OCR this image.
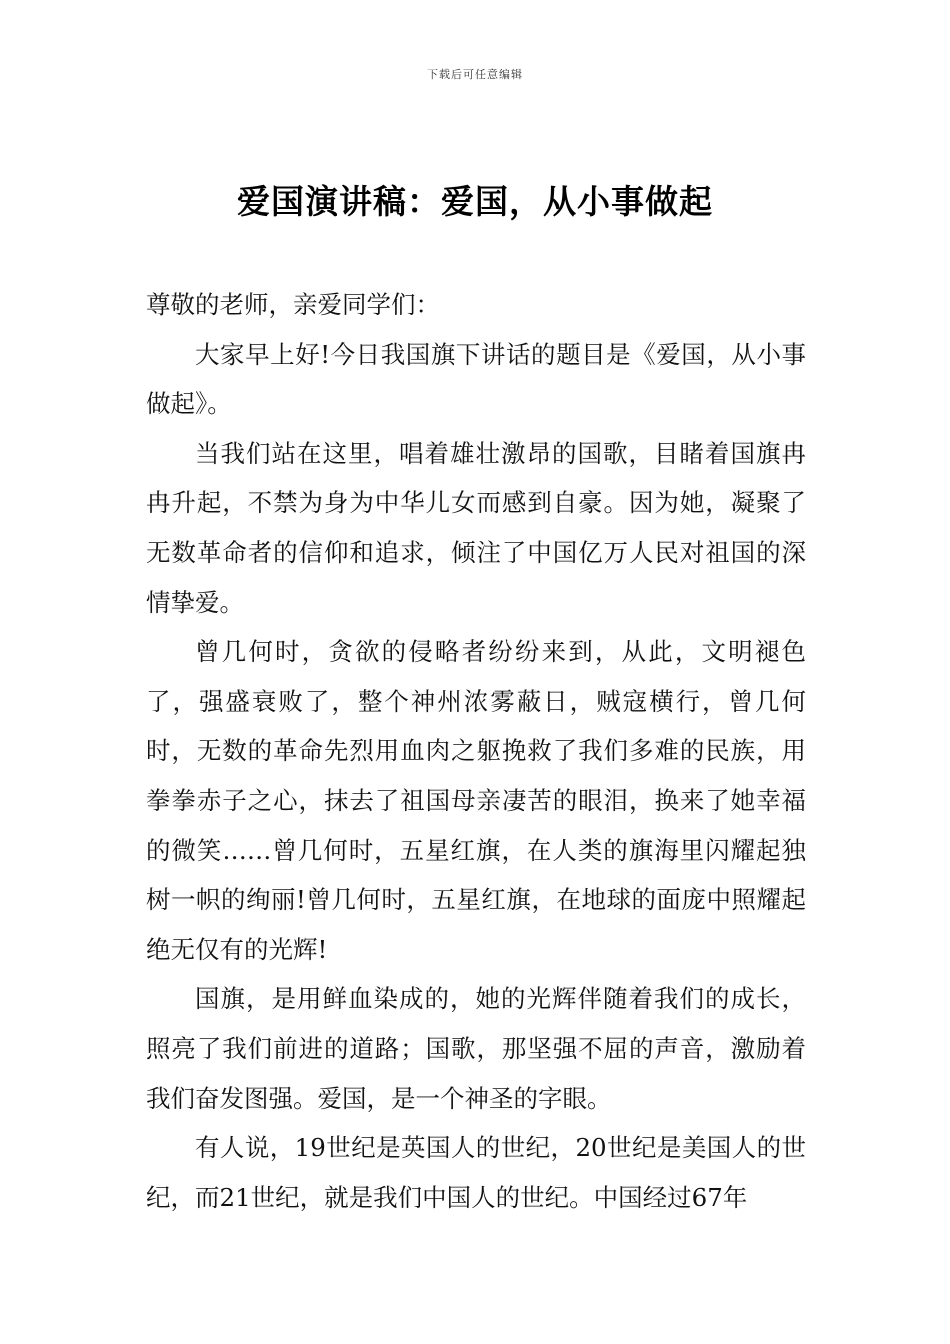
下载后可任意编辑
爱国演讲稿：爱国，从小事做起

尊敬的老师，亲爱同学们：

大家早上好!今日我国旗下讲话的题目是《爱国，从小事做起》。

当我们站在这里，唱着雄壮激昂的国歌，目睹着国旗冉冉升起，不禁为身为中华儿女而感到自豪。因为她，凝聚了无数革命者的信仰和追求，倾注了中国亿万人民对祖国的深情挚爱。

曾几何时，贪欲的侵略者纷纷来到，从此，文明褪色了，强盛衰败了，整个神州浓雾蔽日，贼寇横行，曾几何时，无数的革命先烈用血肉之躯挽救了我们多难的民族，用拳拳赤子之心，抹去了祖国母亲凄苦的眼泪，换来了她幸福的微笑……曾几何时，五星红旗，在人类的旗海里闪耀起独树一帜的绚丽!曾几何时，五星红旗，在地球的面庞中照耀起绝无仅有的光辉!

国旗，是用鲜血染成的，她的光辉伴随着我们的成长，照亮了我们前进的道路；国歌，那坚强不屈的声音，激励着我们奋发图强。爱国，是一个神圣的字眼。

有人说，19世纪是英国人的世纪，20世纪是美国人的世纪，而21世纪，就是我们中国人的世纪。中国经过67年
